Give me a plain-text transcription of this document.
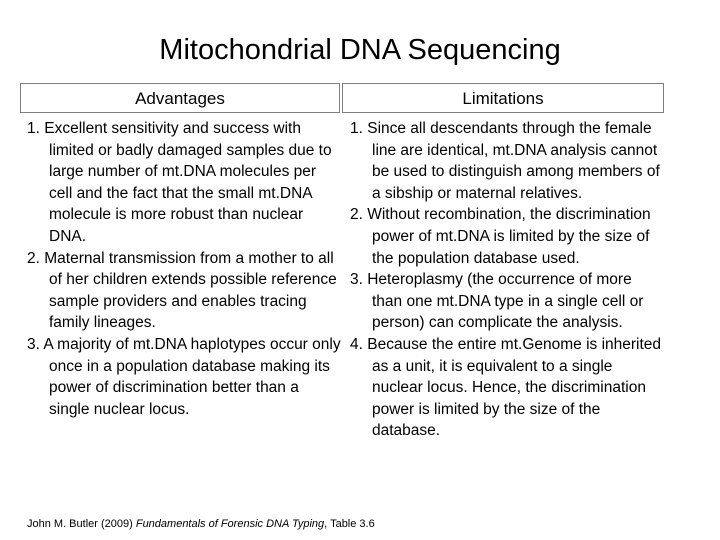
Mitochondrial DNA Sequencing
Advantages	Limitations
1. Excellent sensitivity and success with limited or badly damaged samples due to large number of mt.DNA molecules per cell and the fact that the small mt.DNA molecule is more robust than nuclear DNA.
2. Maternal transmission from a mother to all of her children extends possible reference sample providers and enables tracing family lineages.
3. A majority of mt.DNA haplotypes occur only once in a population database making its power of discrimination better than a single nuclear locus.
1. Since all descendants through the female line are identical, mt.DNA analysis cannot be used to distinguish among members of a sibship or maternal relatives.
2. Without recombination, the discrimination power of mt.DNA is limited by the size of the population database used.
3. Heteroplasmy (the occurrence of more than one mt.DNA type in a single cell or person) can complicate the analysis.
4. Because the entire mt.Genome is inherited as a unit, it is equivalent to a single nuclear locus. Hence, the discrimination power is limited by the size of the database.
John M. Butler (2009) Fundamentals of Forensic DNA Typing, Table 3.6
